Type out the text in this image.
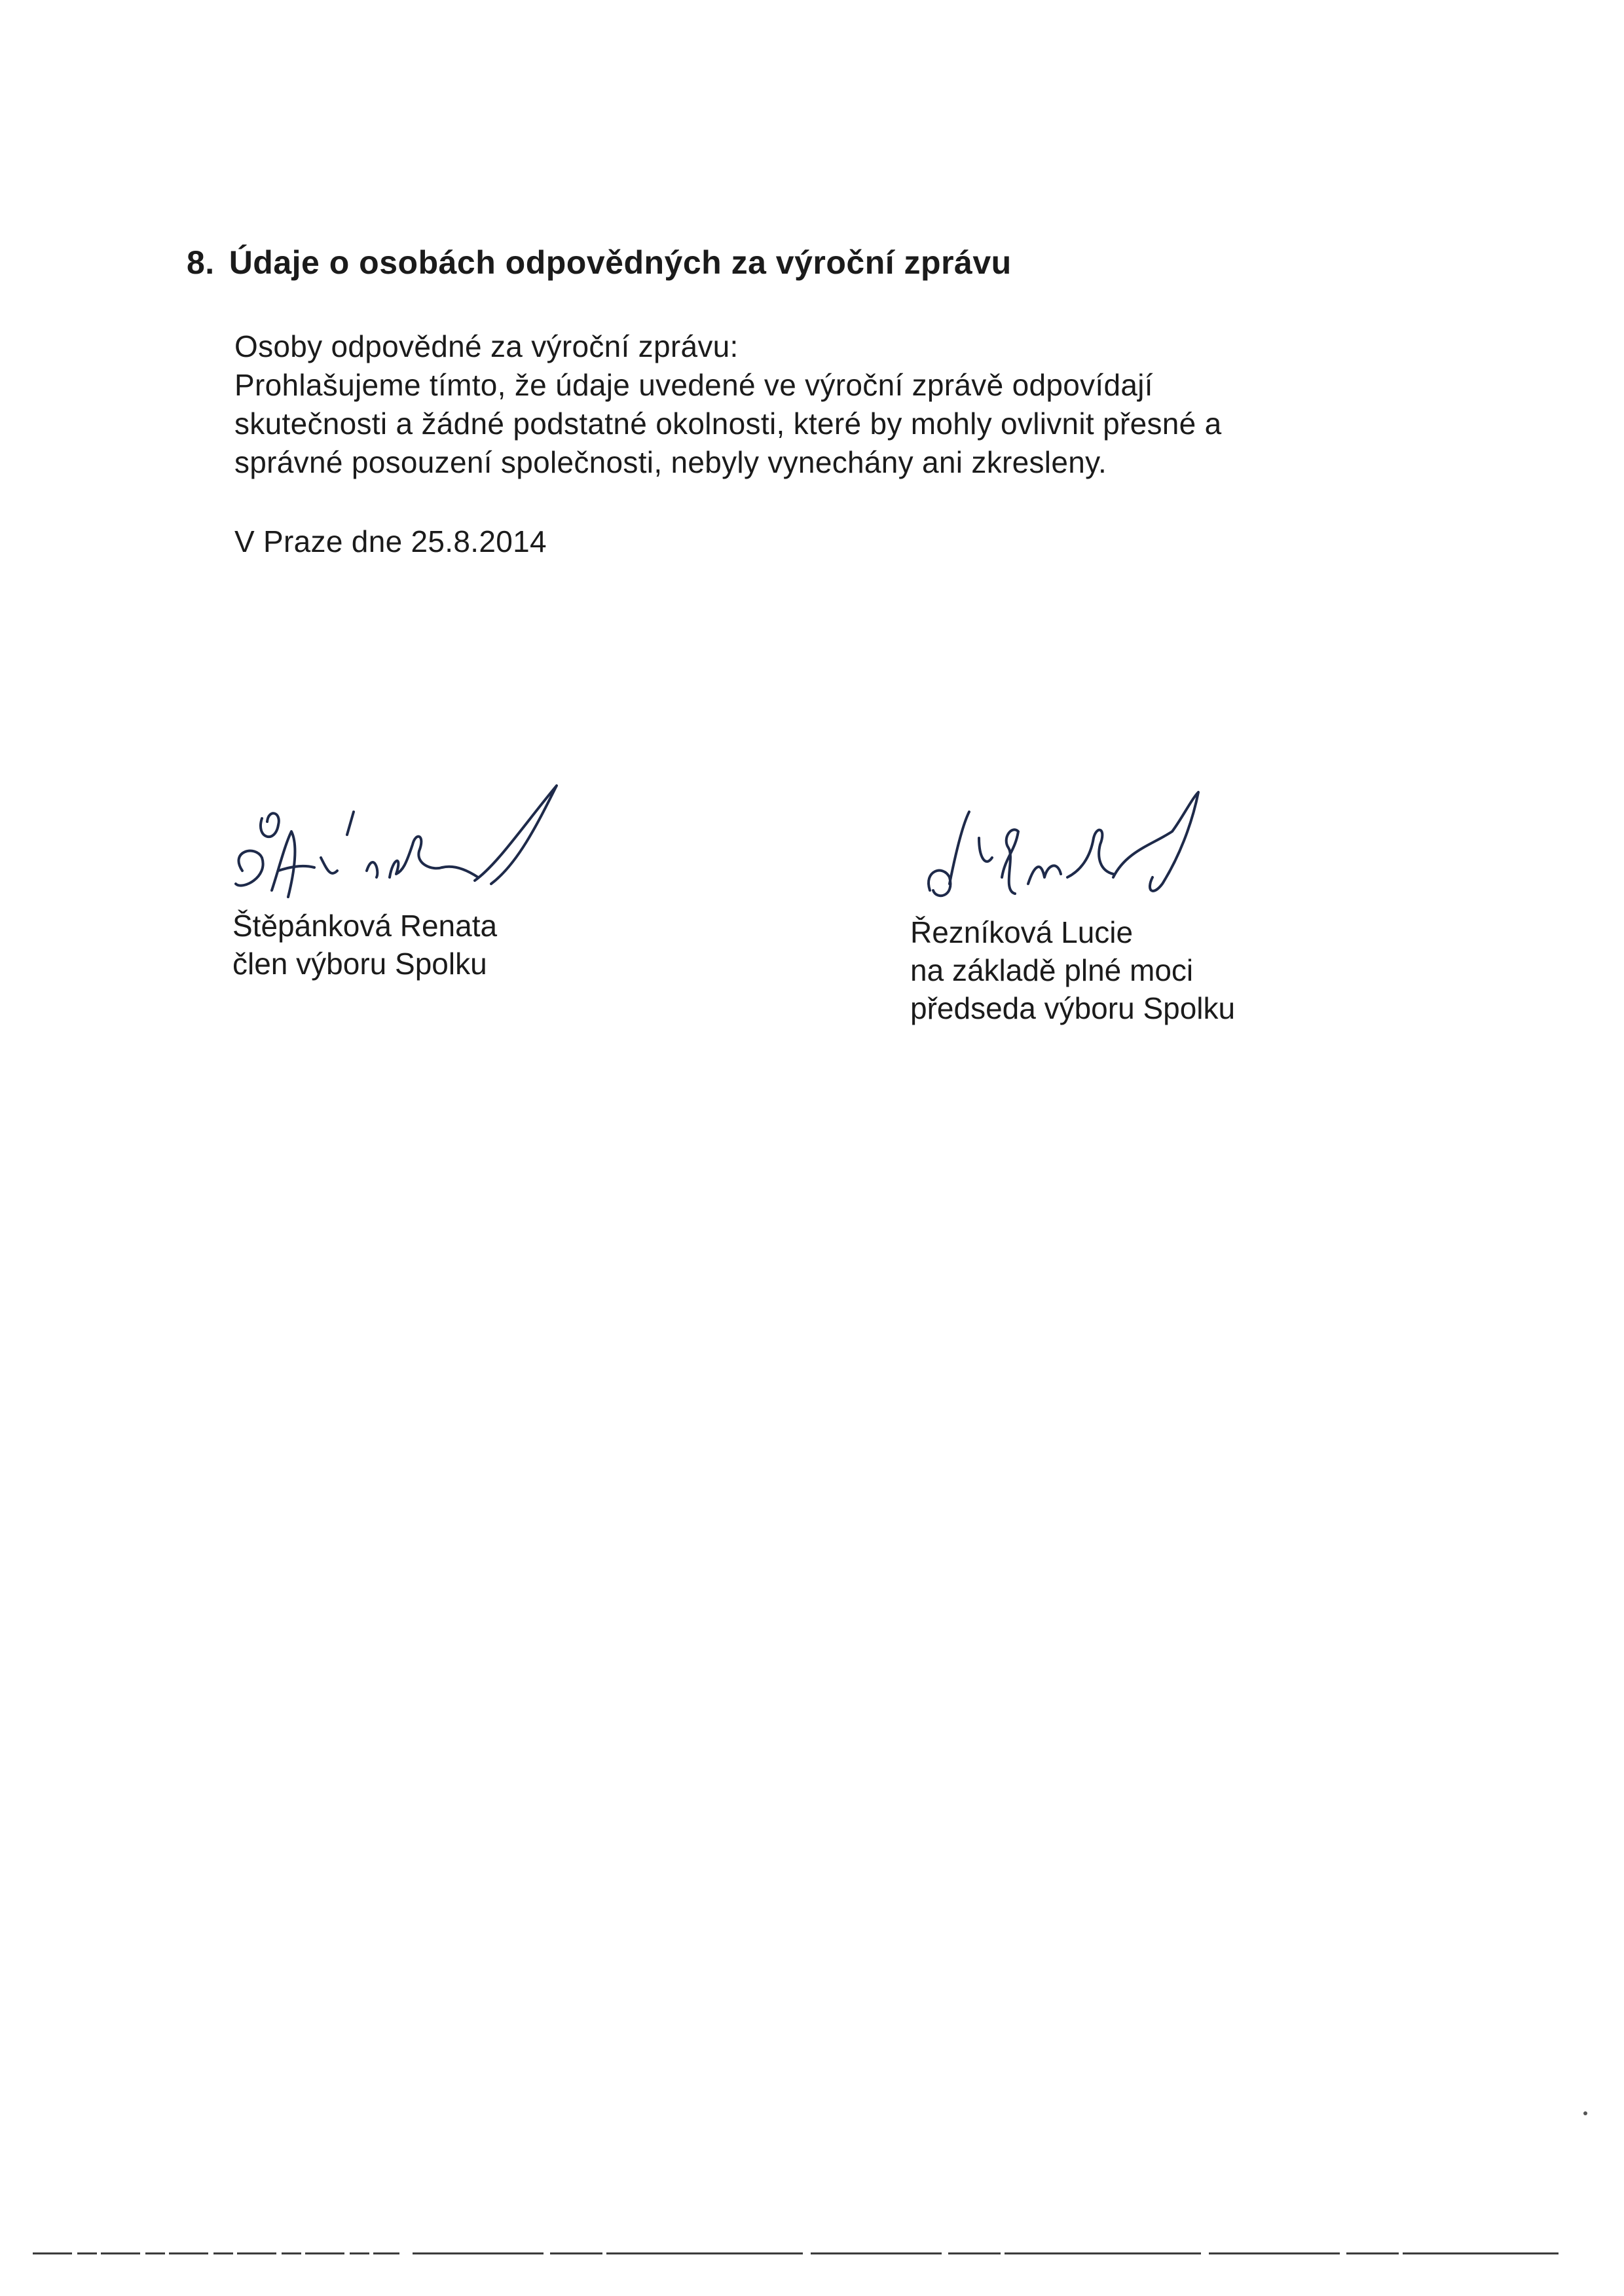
8. Údaje o osobách odpovědných za výroční zprávu
Osoby odpovědné za výroční zprávu:
Prohlašujeme tímto, že údaje uvedené ve výroční zprávě odpovídají
skutečnosti a žádné podstatné okolnosti, které by mohly ovlivnit přesné a
správné posouzení společnosti, nebyly vynechány ani zkresleny.
V Praze dne 25.8.2014
Štěpánková Renata
člen výboru Spolku
Řezníková Lucie
na základě plné moci
předseda výboru Spolku
